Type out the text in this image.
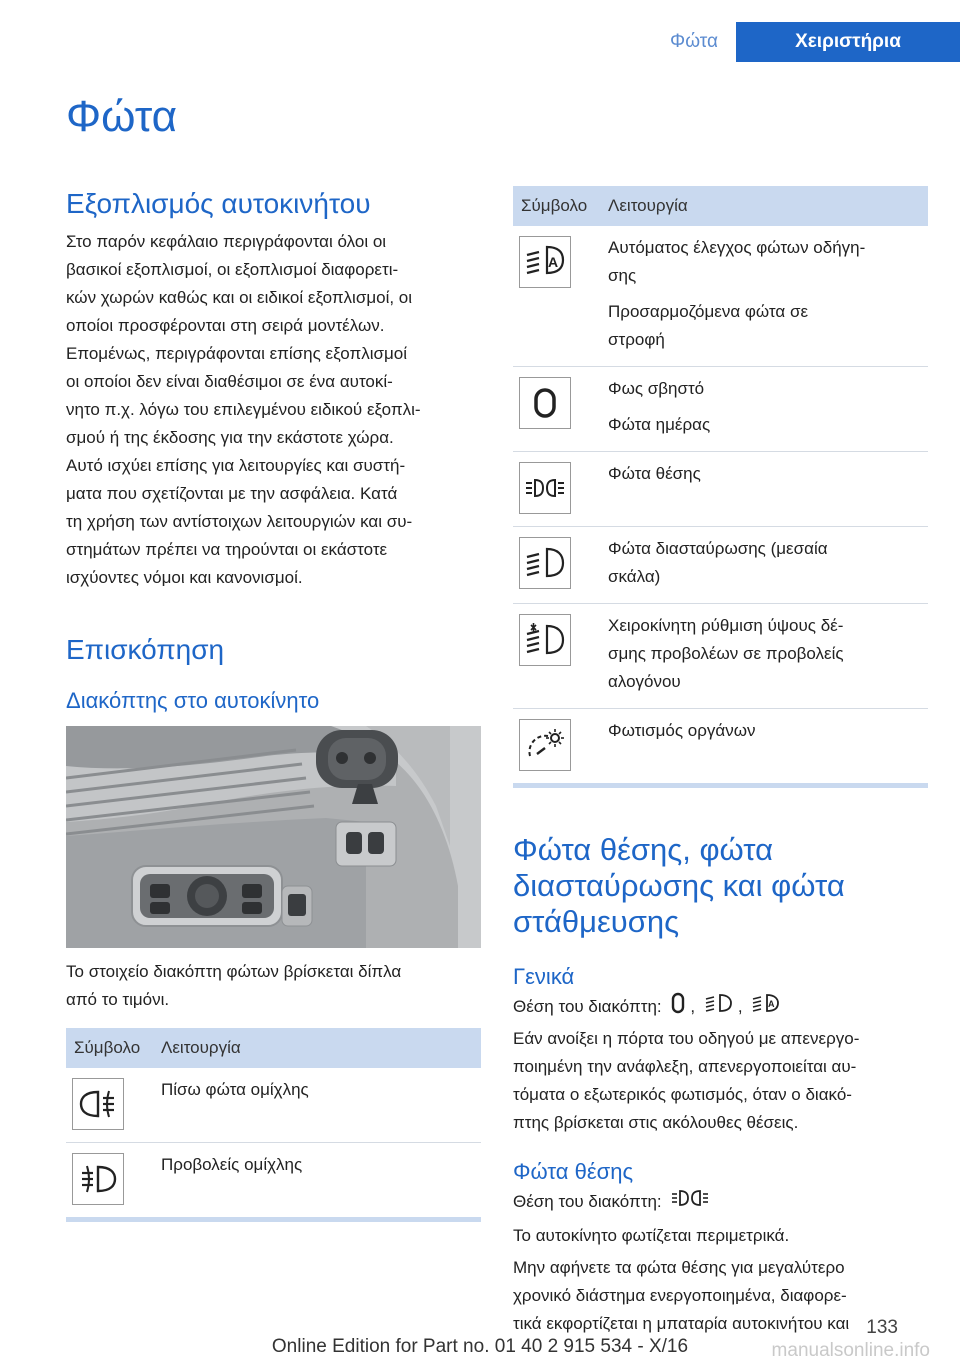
Φώτα	Χειριστήρια
Φώτα
Εξοπλισμός αυτοκινήτου

Στο παρόν κεφάλαιο περιγράφονται όλοι οι

βασικοί εξοπλισμοί, οι εξοπλισμοί διαφορετι-

κών χωρών καθώς και οι ειδικοί εξοπλισμοί, οι

οποίοι προσφέρονται στη σειρά μοντέλων.

Επομένως, περιγράφονται επίσης εξοπλισμοί

οι οποίοι δεν είναι διαθέσιμοι σε ένα αυτοκί-

νητο π.χ. λόγω του επιλεγμένου ειδικού εξοπλι-

σμού ή της έκδοσης για την εκάστοτε χώρα.

Αυτό ισχύει επίσης για λειτουργίες και συστή-

ματα που σχετίζονται με την ασφάλεια. Κατά

τη χρήση των αντίστοιχων λειτουργιών και συ-

στημάτων πρέπει να τηρούνται οι εκάστοτε

ισχύοντες νόμοι και κανονισμοί.

Επισκόπηση
Διακόπτης στο αυτοκίνητο

Το στοιχείο διακόπτη φώτων βρίσκεται δίπλα

από το τιμόνι.

Σύμβολο	Λειτουργία

Πίσω φώτα ομίχλης

Προβολείς ομίχλης
Σύμβολο	Λειτουργία

A	Αυτόματος έλεγχος φώτων οδήγη-
σης
Προσαρμοζόμενα φώτα σε
στροφή

Φως σβηστό
Φώτα ημέρας

Φώτα θέσης

Φώτα διασταύρωσης (μεσαία
σκάλα)

Χειροκίνητη ρύθμιση ύψους δέ-
σμης προβολέων σε προβολείς
αλογόνου

Φωτισμός οργάνων
Φώτα θέσης, φώτα
διασταύρωσης και φώτα
στάθμευσης
Γενικά

Θέση του διακόπτη: ,	,	A

Εάν ανοίξει η πόρτα του οδηγού με απενεργο-

ποιημένη την ανάφλεξη, απενεργοποιείται αυ-

τόματα ο εξωτερικός φωτισμός, όταν ο διακό-

πτης βρίσκεται στις ακόλουθες θέσεις.

Φώτα θέσης

Θέση του διακόπτη:

Το αυτοκίνητο φωτίζεται περιμετρικά.

Μην αφήνετε τα φώτα θέσης για μεγαλύτερο

χρονικό διάστημα ενεργοποιημένα, διαφορε-

τικά εκφορτίζεται η μπαταρία αυτοκινήτου και 133
Online Edition for Part no. 01 40 2 915 534 - X/16	manualsonline.info
